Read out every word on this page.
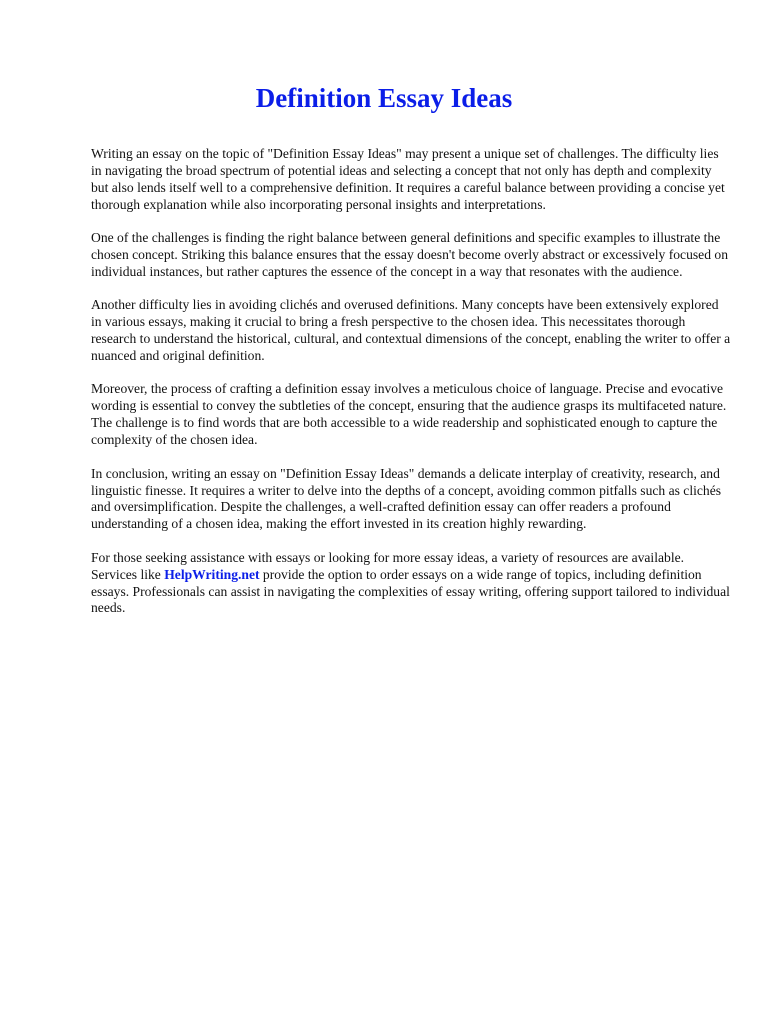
Definition Essay Ideas

Writing an essay on the topic of "Definition Essay Ideas" may present a unique set of challenges. The difficulty lies in navigating the broad spectrum of potential ideas and selecting a concept that not only has depth and complexity but also lends itself well to a comprehensive definition. It requires a careful balance between providing a concise yet thorough explanation while also incorporating personal insights and interpretations.

One of the challenges is finding the right balance between general definitions and specific examples to illustrate the chosen concept. Striking this balance ensures that the essay doesn't become overly abstract or excessively focused on individual instances, but rather captures the essence of the concept in a way that resonates with the audience.

Another difficulty lies in avoiding clichés and overused definitions. Many concepts have been extensively explored in various essays, making it crucial to bring a fresh perspective to the chosen idea. This necessitates thorough research to understand the historical, cultural, and contextual dimensions of the concept, enabling the writer to offer a nuanced and original definition.

Moreover, the process of crafting a definition essay involves a meticulous choice of language. Precise and evocative wording is essential to convey the subtleties of the concept, ensuring that the audience grasps its multifaceted nature. The challenge is to find words that are both accessible to a wide readership and sophisticated enough to capture the complexity of the chosen idea.

In conclusion, writing an essay on "Definition Essay Ideas" demands a delicate interplay of creativity, research, and linguistic finesse. It requires a writer to delve into the depths of a concept, avoiding common pitfalls such as clichés and oversimplification. Despite the challenges, a well-crafted definition essay can offer readers a profound understanding of a chosen idea, making the effort invested in its creation highly rewarding.

For those seeking assistance with essays or looking for more essay ideas, a variety of resources are available. Services like HelpWriting.net provide the option to order essays on a wide range of topics, including definition essays. Professionals can assist in navigating the complexities of essay writing, offering support tailored to individual needs.
